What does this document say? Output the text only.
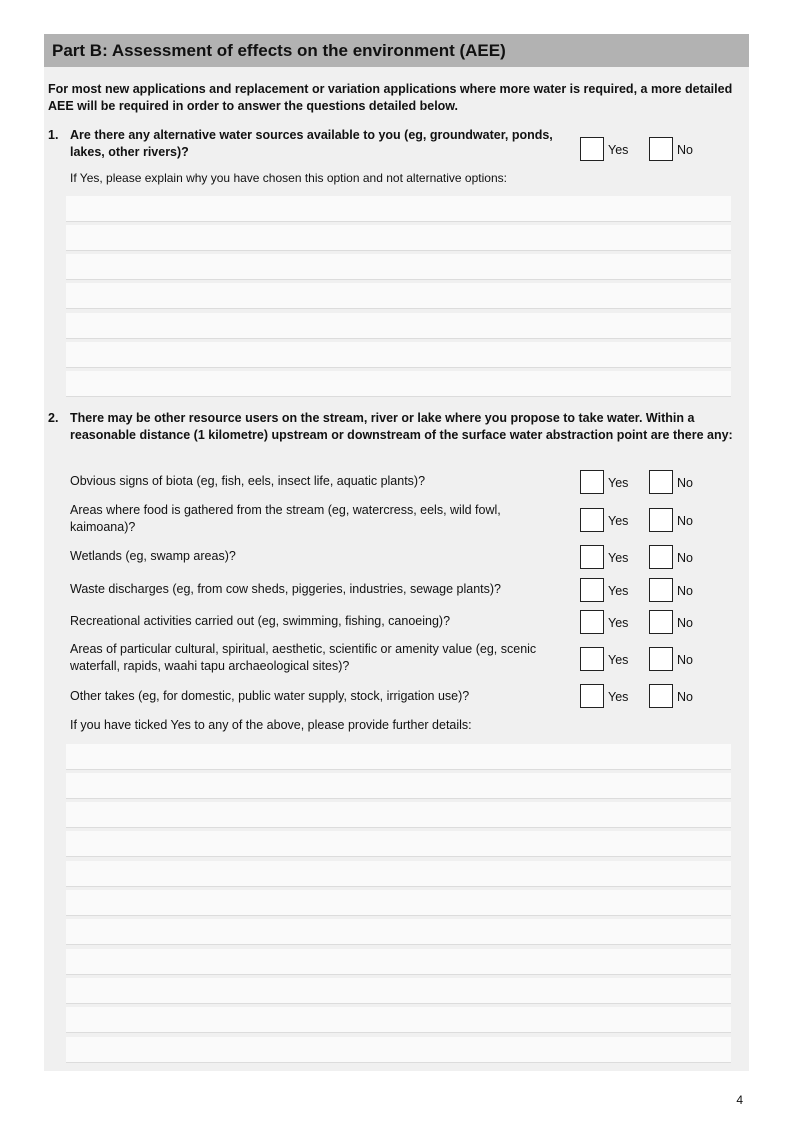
Part B: Assessment of effects on the environment (AEE)
For most new applications and replacement or variation applications where more water is required, a more detailed AEE will be required in order to answer the questions detailed below.
1. Are there any alternative water sources available to you (eg, groundwater, ponds, lakes, other rivers)?	Yes	No
If Yes, please explain why you have chosen this option and not alternative options:
2. There may be other resource users on the stream, river or lake where you propose to take water. Within a reasonable distance (1 kilometre) upstream or downstream of the surface water abstraction point are there any:
Obvious signs of biota (eg, fish, eels, insect life, aquatic plants)?	Yes	No
Areas where food is gathered from the stream (eg, watercress, eels, wild fowl, kaimoana)?	Yes	No
Wetlands (eg, swamp areas)?	Yes	No
Waste discharges (eg, from cow sheds, piggeries, industries, sewage plants)?	Yes	No
Recreational activities carried out (eg, swimming, fishing, canoeing)?	Yes	No
Areas of particular cultural, spiritual, aesthetic, scientific or amenity value (eg, scenic waterfall, rapids, waahi tapu archaeological sites)?	Yes	No
Other takes (eg, for domestic, public water supply, stock, irrigation use)?	Yes	No
If you have ticked Yes to any of the above, please provide further details:
4
